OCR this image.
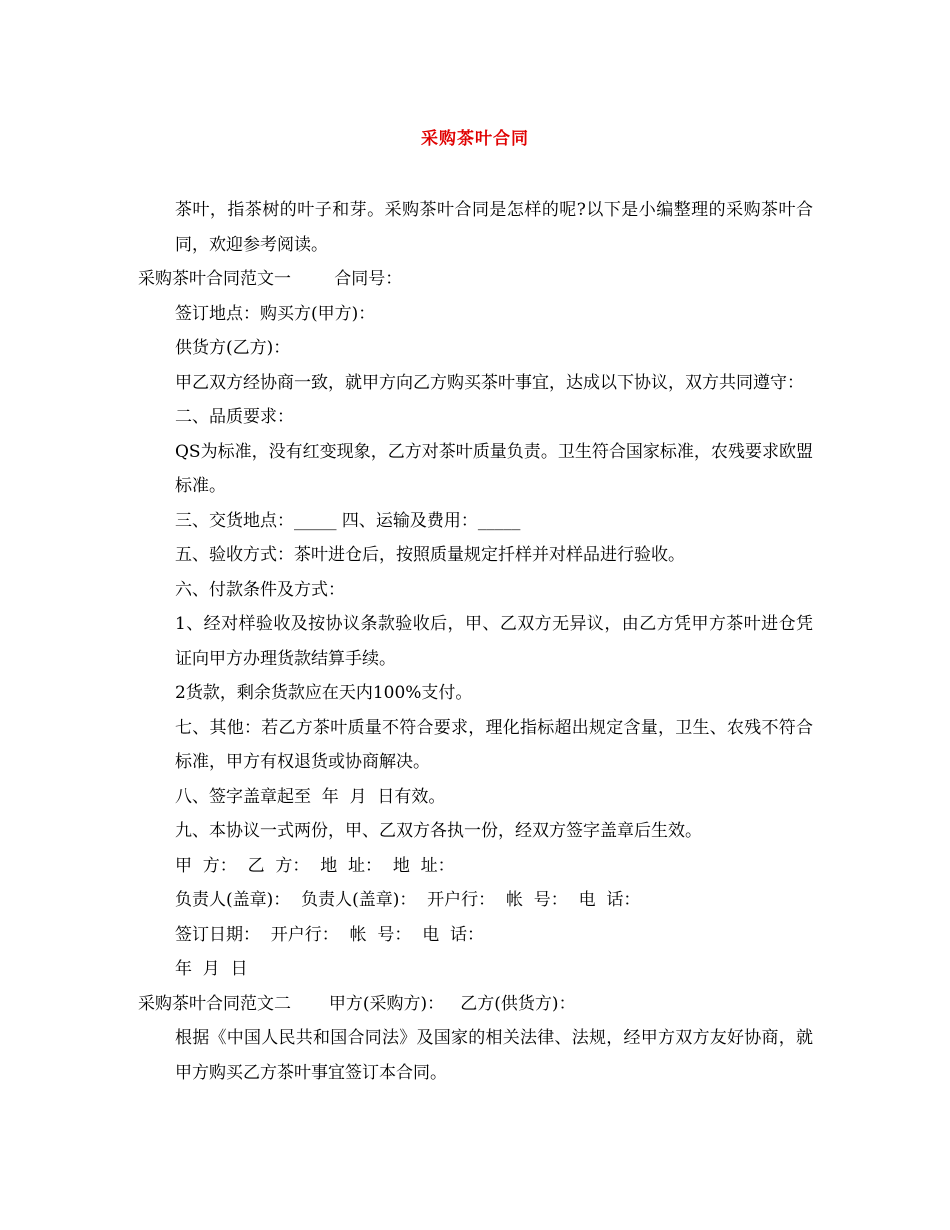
采购茶叶合同

茶叶，指茶树的叶子和芽。采购茶叶合同是怎样的呢?以下是小编整理的采购茶叶合同，欢迎参考阅读。

采购茶叶合同范文一        合同号：

签订地点：购买方(甲方)：

供货方(乙方)：

甲乙双方经协商一致，就甲方向乙方购买茶叶事宜，达成以下协议，双方共同遵守：

二、品质要求：

QS为标准，没有红变现象，乙方对茶叶质量负责。卫生符合国家标准，农残要求欧盟标准。

三、交货地点：_____ 四、运输及费用：_____

五、验收方式：茶叶进仓后，按照质量规定扦样并对样品进行验收。

六、付款条件及方式：

1、经对样验收及按协议条款验收后，甲、乙双方无异议，由乙方凭甲方茶叶进仓凭证向甲方办理货款结算手续。

2货款，剩余货款应在天内100%支付。

七、其他：若乙方茶叶质量不符合要求，理化指标超出规定含量，卫生、农残不符合标准，甲方有权退货或协商解决。

八、签字盖章起至  年  月  日有效。

九、本协议一式两份，甲、乙双方各执一份，经双方签字盖章后生效。

甲  方：  乙  方：  地  址：  地  址：

负责人(盖章)：  负责人(盖章)：  开户行：  帐  号：  电  话：

签订日期：  开户行：  帐  号：  电  话：

年  月  日

采购茶叶合同范文二       甲方(采购方)：   乙方(供货方)：

根据《中国人民共和国合同法》及国家的相关法律、法规，经甲方双方友好协商，就甲方购买乙方茶叶事宜签订本合同。
